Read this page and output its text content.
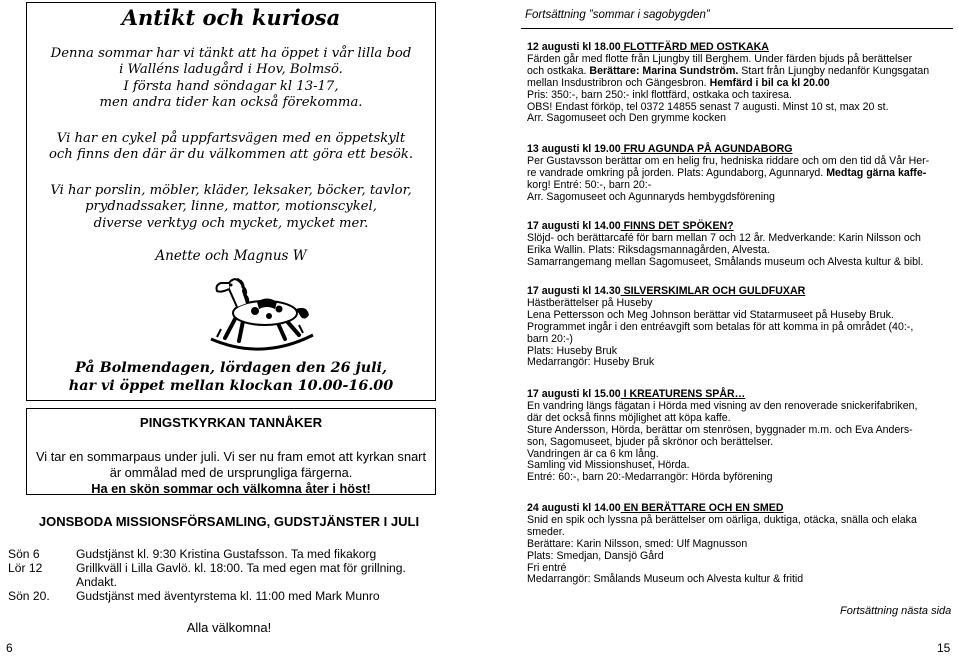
Antikt och kuriosa
Denna sommar har vi tänkt att ha öppet i vår lilla bod
i Walléns ladugård i Hov, Bolmsö.
I första hand söndagar kl 13-17,
men andra tider kan också förekomma.
Vi har en cykel på uppfartsvägen med en öppetskylt
och finns den där är du välkommen att göra ett besök.
Vi har porslin, möbler, kläder, leksaker, böcker, tavlor,
prydnadssaker, linne, mattor, motionscykel,
diverse verktyg och mycket, mycket mer.
Anette och Magnus W
På Bolmendagen, lördagen den 26 juli,
har vi öppet mellan klockan 10.00-16.00
PINGSTKYRKAN TANNÅKER
Vi tar en sommarpaus under juli. Vi ser nu fram emot att kyrkan snart
är ommålad med de ursprungliga färgerna.
Ha en skön sommar och välkomna åter i höst!
JONSBODA MISSIONSFÖRSAMLING, GUDSTJÄNSTER I JULI
Sön 6	Gudstjänst kl. 9:30 Kristina Gustafsson. Ta med fikakorg
Lör 12	Grillkväll i Lilla Gavlö. kl. 18:00. Ta med egen mat för grillning.
Andakt.
Sön 20.	Gudstjänst med äventyrstema kl. 11:00 med Mark Munro
Alla välkomna!
6	15
Fortsättning ”sommar i sagobygden”

12 augusti kl 18.00 FLOTTFÄRD MED OSTKAKA

Färden går med flotte från Ljungby till Berghem. Under färden bjuds på berättelser

och ostkaka. Berättare: Marina Sundström. Start från Ljungby nedanför Kungsgatan

mellan Insdustribron och Gängesbron. Hemfärd i bil ca kl 20.00

Pris: 350:-, barn 250:- inkl flottfärd, ostkaka och taxiresa.

OBS! Endast förköp, tel 0372 14855 senast 7 augusti. Minst 10 st, max 20 st.

Arr. Sagomuseet och Den grymme kocken

13 augusti kl 19.00 FRU AGUNDA PÅ AGUNDABORG

Per Gustavsson berättar om en helig fru, hedniska riddare och om den tid då Vår Her-

re vandrade omkring på jorden. Plats: Agundaborg, Agunnaryd. Medtag gärna kaffe-

korg! Entré: 50:-, barn 20:-

Arr. Sagomuseet och Agunnaryds hembygdsförening

17 augusti kl 14.00 FINNS DET SPÖKEN?

Slöjd- och berättarcafé för barn mellan 7 och 12 år. Medverkande: Karin Nilsson och

Erika Wallin. Plats: Riksdagsmannagården, Alvesta.

Samarrangemang mellan Sagomuseet, Smålands museum och Alvesta kultur & bibl.

17 augusti kl 14.30 SILVERSKIMLAR OCH GULDFUXAR

Hästberättelser på Huseby

Lena Pettersson och Meg Johnson berättar vid Statarmuseet på Huseby Bruk.

Programmet ingår i den entréavgift som betalas för att komma in på området (40:-,

barn 20:-)

Plats: Huseby Bruk

Medarrangör: Huseby Bruk

17 augusti kl 15.00 I KREATURENS SPÅR…

En vandring längs fägatan i Hörda med visning av den renoverade snickerifabriken,

där det också finns möjlighet att köpa kaffe.

Sture Andersson, Hörda, berättar om stenrösen, byggnader m.m. och Eva Anders-

son, Sagomuseet, bjuder på skrönor och berättelser.

Vandringen är ca 6 km lång.

Samling vid Missionshuset, Hörda.

Entré: 60:-, barn 20:-Medarrangör: Hörda byförening

24 augusti kl 14.00 EN BERÄTTARE OCH EN SMED

Snid en spik och lyssna på berättelser om oärliga, duktiga, otäcka, snälla och elaka

smeder.

Berättare: Karin Nilsson, smed: Ulf Magnusson

Plats: Smedjan, Dansjö Gård

Fri entré

Medarrangör: Smålands Museum och Alvesta kultur & fritid

Fortsättning nästa sida
